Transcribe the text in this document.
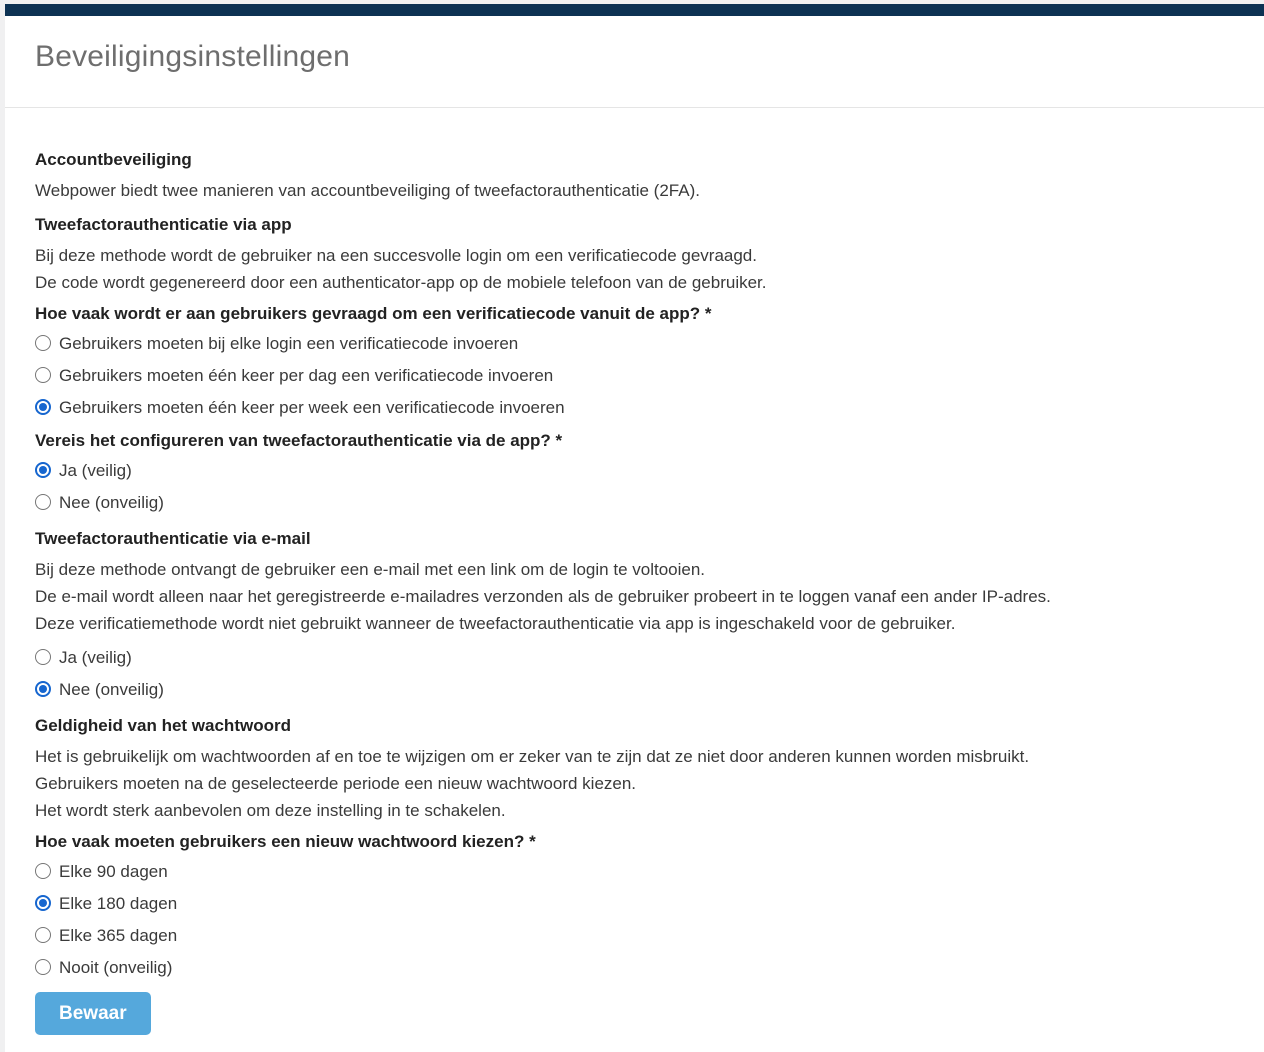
Beveiligingsinstellingen
Accountbeveiliging

Webpower biedt twee manieren van accountbeveiliging of tweefactorauthenticatie (2FA).

Tweefactorauthenticatie via app

Bij deze methode wordt de gebruiker na een succesvolle login om een verificatiecode gevraagd.
De code wordt gegenereerd door een authenticator-app op de mobiele telefoon van de gebruiker.

Hoe vaak wordt er aan gebruikers gevraagd om een verificatiecode vanuit de app? *
Gebruikers moeten bij elke login een verificatiecode invoeren
Gebruikers moeten één keer per dag een verificatiecode invoeren
Gebruikers moeten één keer per week een verificatiecode invoeren
Vereis het configureren van tweefactorauthenticatie via de app? *
Ja (veilig)
Nee (onveilig)
Tweefactorauthenticatie via e-mail

Bij deze methode ontvangt de gebruiker een e-mail met een link om de login te voltooien.
De e-mail wordt alleen naar het geregistreerde e-mailadres verzonden als de gebruiker probeert in te loggen vanaf een ander IP-adres.
Deze verificatiemethode wordt niet gebruikt wanneer de tweefactorauthenticatie via app is ingeschakeld voor de gebruiker.

Ja (veilig)
Nee (onveilig)
Geldigheid van het wachtwoord

Het is gebruikelijk om wachtwoorden af en toe te wijzigen om er zeker van te zijn dat ze niet door anderen kunnen worden misbruikt.
Gebruikers moeten na de geselecteerde periode een nieuw wachtwoord kiezen.
Het wordt sterk aanbevolen om deze instelling in te schakelen.

Hoe vaak moeten gebruikers een nieuw wachtwoord kiezen? *
Elke 90 dagen
Elke 180 dagen
Elke 365 dagen
Nooit (onveilig)
Bewaar
